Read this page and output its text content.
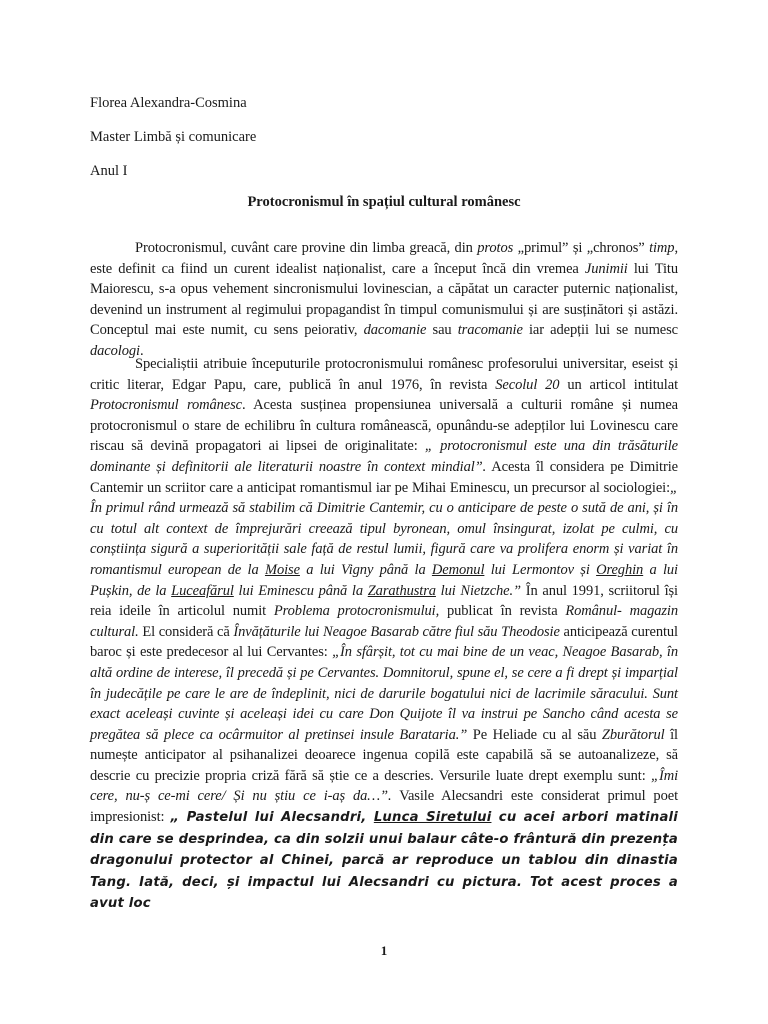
Florea Alexandra-Cosmina
Master Limbă și comunicare
Anul I
Protocronismul în spațiul cultural românesc
Protocronismul, cuvânt care provine din limba greacă, din protos „primul” și „chronos” timp, este definit ca fiind un curent idealist naționalist, care a început încă din vremea Junimii lui Titu Maiorescu, s-a opus vehement sincronismului lovinescian, a căpătat un caracter puternic naționalist, devenind un instrument al regimului propagandist în timpul comunismului și are susținători și astăzi. Conceptul mai este numit, cu sens peiorativ, dacomanie sau tracomanie iar adepții lui se numesc dacologi.
Specialiștii atribuie începuturile protocronismului românesc profesorului universitar, eseist și critic literar, Edgar Papu, care, publică în anul 1976, în revista Secolul 20 un articol intitulat Protocronismul românesc. Acesta susținea propensiunea universală a culturii române și numea protocronismul o stare de echilibru în cultura românească, opunându-se adepților lui Lovinescu care riscau să devină propagatori ai lipsei de originalitate: „ protocronismul este una din trăsăturile dominante și definitorii ale literaturii noastre în context mindial”. Acesta îl considera pe Dimitrie Cantemir un scriitor care a anticipat romantismul iar pe Mihai Eminescu, un precursor al sociologiei:„ În primul rând urmează să stabilim că Dimitrie Cantemir, cu o anticipare de peste o sută de ani, și în cu totul alt context de împrejurări creează tipul byronean, omul însingurat, izolat pe culmi, cu conștiința sigură a superiorității sale față de restul lumii, figură care va prolifera enorm și variat în romantismul european de la Moise a lui Vigny până la Demonul lui Lermontov și Oreghin a lui Pușkin, de la Luceafărul lui Eminescu până la Zarathustra lui Nietzche.” În anul 1991, scriitorul își reia ideile în articolul numit Problema protocronismului, publicat în revista Românul- magazin cultural. El consideră că Învățăturile lui Neagoe Basarab către fiul său Theodosie anticipează curentul baroc și este predecesor al lui Cervantes: „În sfârșit, tot cu mai bine de un veac, Neagoe Basarab, în altă ordine de interese, îl precedă și pe Cervantes. Domnitorul, spune el, se cere a fi drept și imparțial în judecățile pe care le are de îndeplinit, nici de darurile bogatului nici de lacrimile săracului. Sunt exact aceleași cuvinte și aceleași idei cu care Don Quijote îl va instrui pe Sancho când acesta se pregătea să plece ca ocârmuitor al pretinsei insule Barataria.” Pe Heliade cu al său Zburătorul îl numește anticipator al psihanalizei deoarece ingenua copilă este capabilă să se autoanalizeze, să descrie cu precizie propria criză fără să știe ce a descries. Versurile luate drept exemplu sunt: „Îmi cere, nu-ș ce-mi cere/ Și nu știu ce i-aș da…”. Vasile Alecsandri este considerat primul poet impresionist: „ Pastelul lui Alecsandri, Lunca Siretului cu acei arbori matinali din care se desprindea, ca din solzii unui balaur câte-o frântură din prezența dragonului protector al Chinei, parcă ar reproduce un tablou din dinastia Tang. Iată, deci, și impactul lui Alecsandri cu pictura. Tot acest proces a avut loc
1
